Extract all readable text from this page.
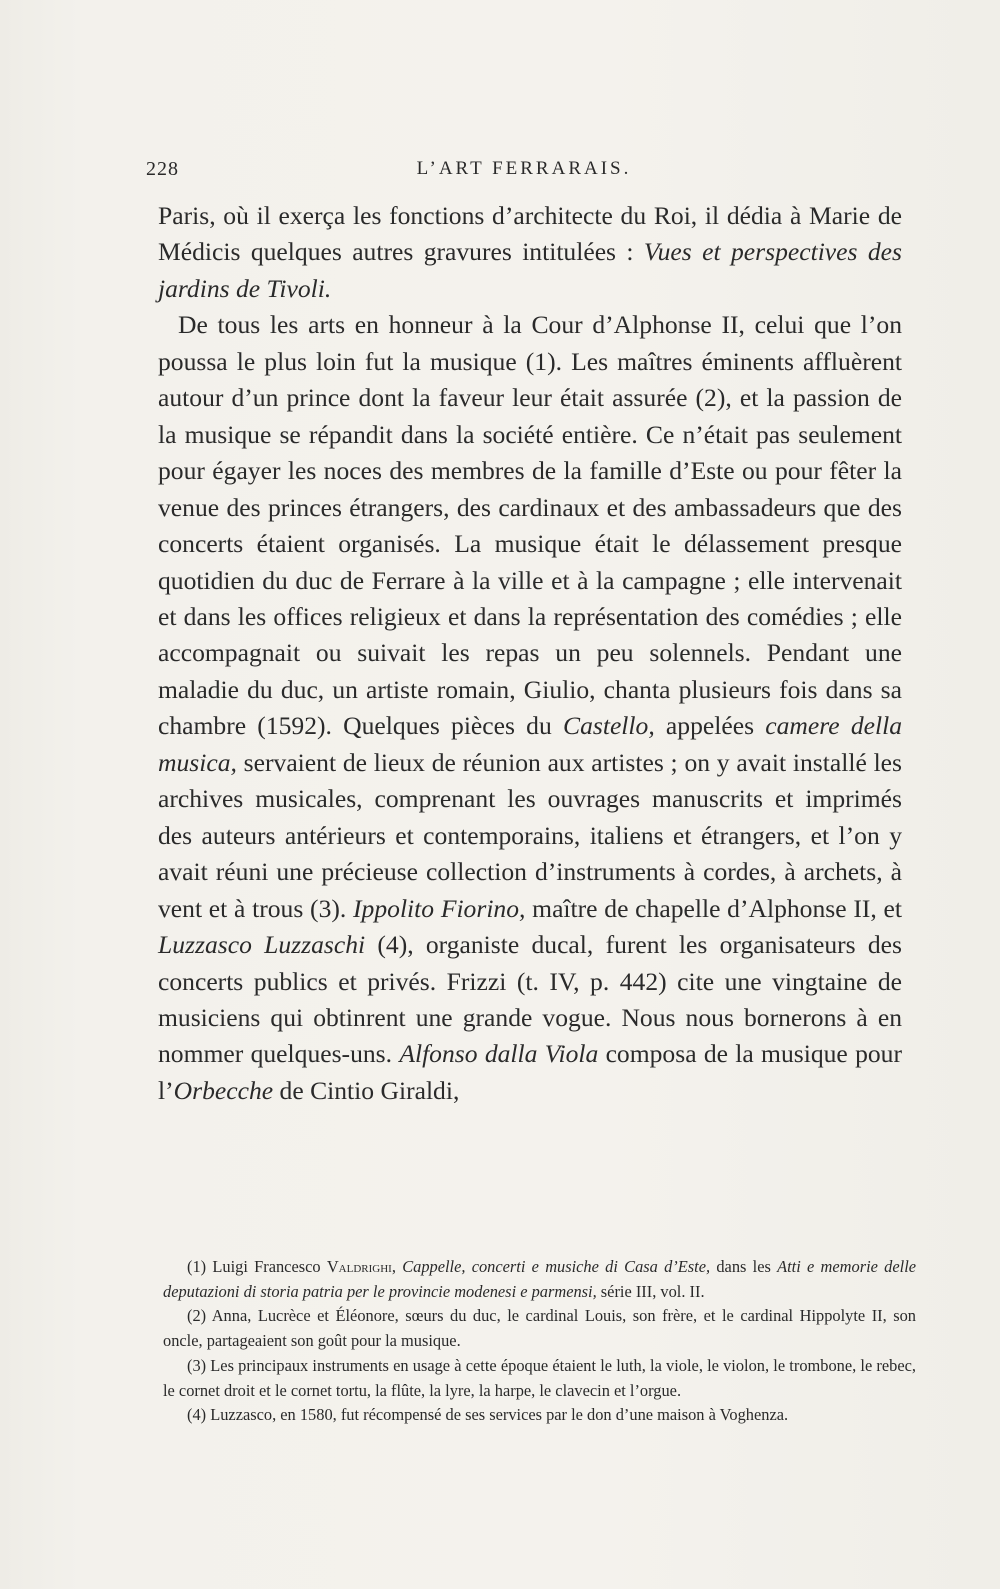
228	L’ART FERRARAIS.

Paris, où il exerça les fonctions d’architecte du Roi, il dédia à Marie de Médicis quelques autres gravures intitulées : Vues et perspectives des jardins de Tivoli.

De tous les arts en honneur à la Cour d’Alphonse II, celui que l’on poussa le plus loin fut la musique (1). Les maîtres éminents affluèrent autour d’un prince dont la faveur leur était assurée (2), et la passion de la musique se répandit dans la société entière. Ce n’était pas seulement pour égayer les noces des membres de la famille d’Este ou pour fêter la venue des princes étrangers, des cardinaux et des ambassadeurs que des concerts étaient organisés. La musique était le délassement presque quotidien du duc de Ferrare à la ville et à la campagne ; elle intervenait et dans les offices religieux et dans la représentation des comédies ; elle accompagnait ou suivait les repas un peu solennels. Pendant une maladie du duc, un artiste romain, Giulio, chanta plusieurs fois dans sa chambre (1592). Quelques pièces du Castello, appelées camere della musica, servaient de lieux de réunion aux artistes ; on y avait installé les archives musicales, comprenant les ouvrages manuscrits et imprimés des auteurs antérieurs et contemporains, italiens et étrangers, et l’on y avait réuni une précieuse collection d’instruments à cordes, à archets, à vent et à trous (3). Ippolito Fiorino, maître de chapelle d’Alphonse II, et Luzzasco Luzzaschi (4), organiste ducal, furent les organisateurs des concerts publics et privés. Frizzi (t. IV, p. 442) cite une vingtaine de musiciens qui obtinrent une grande vogue. Nous nous bornerons à en nommer quelques-uns. Alfonso dalla Viola composa de la musique pour l’Orbecche de Cintio Giraldi,

(1) Luigi Francesco Valdrighi, Cappelle, concerti e musiche di Casa d’Este, dans les Atti e memorie delle deputazioni di storia patria per le provincie modenesi e parmensi, série III, vol. II.

(2) Anna, Lucrèce et Éléonore, sœurs du duc, le cardinal Louis, son frère, et le cardinal Hippolyte II, son oncle, partageaient son goût pour la musique.

(3) Les principaux instruments en usage à cette époque étaient le luth, la viole, le violon, le trombone, le rebec, le cornet droit et le cornet tortu, la flûte, la lyre, la harpe, le clavecin et l’orgue.

(4) Luzzasco, en 1580, fut récompensé de ses services par le don d’une maison à Voghenza.
